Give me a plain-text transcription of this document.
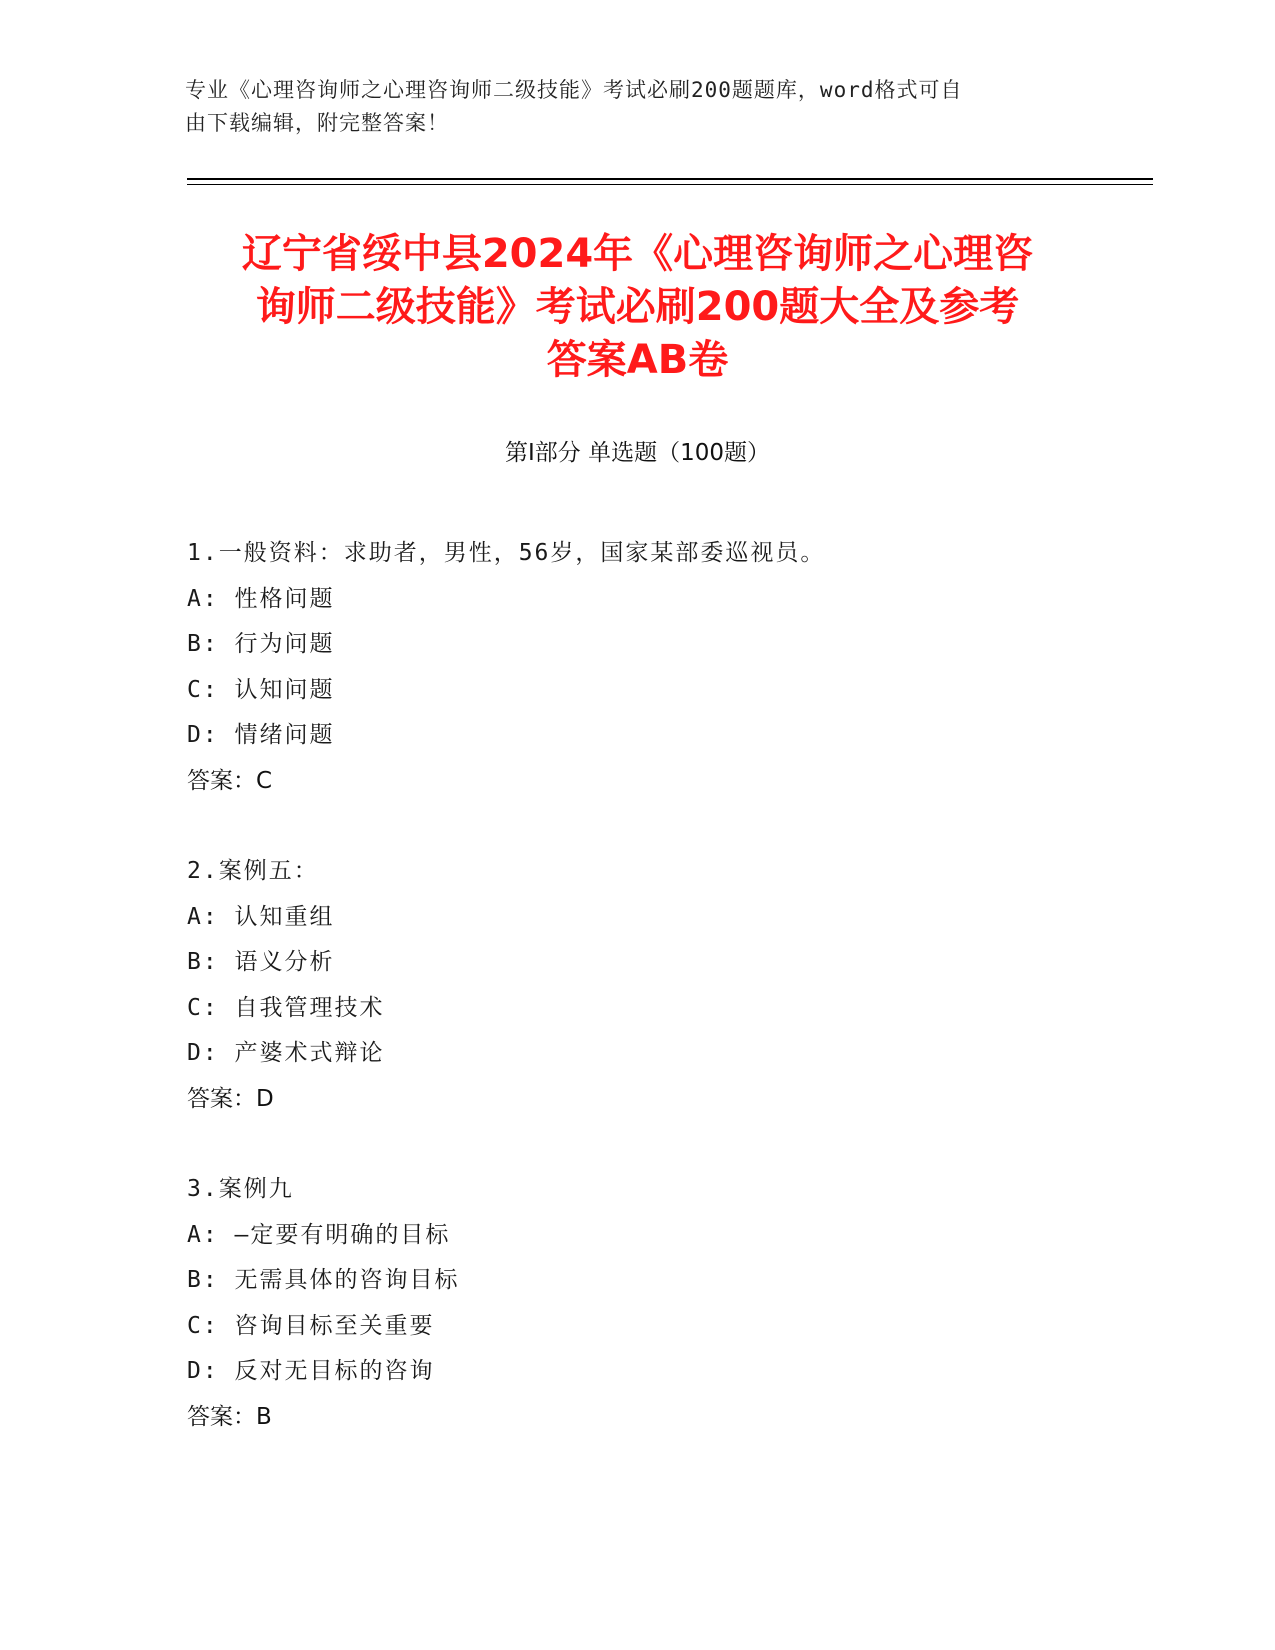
专业《心理咨询师之心理咨询师二级技能》考试必刷200题题库，word格式可自
由下载编辑，附完整答案！
辽宁省绥中县2024年《心理咨询师之心理咨
询师二级技能》考试必刷200题大全及参考
答案AB卷
第Ⅰ部分 单选题（100题）
1.一般资料：求助者，男性，56岁，国家某部委巡视员。
A: 性格问题
B: 行为问题
C: 认知问题
D: 情绪问题
答案：C
2.案例五：
A: 认知重组
B: 语义分析
C: 自我管理技术
D: 产婆术式辩论
答案：D
3.案例九
A: —定要有明确的目标
B: 无需具体的咨询目标
C: 咨询目标至关重要
D: 反对无目标的咨询
答案：B
